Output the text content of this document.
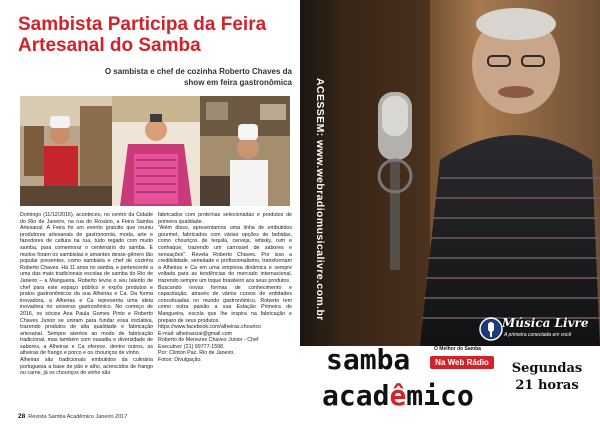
Sambista Participa da Feira Artesanal do Samba
O sambista e chef de cozinha Roberto Chaves da show em feira gastronômica

Domingo (11/12/2016), aconteceu, no centro da Cidade do Rio de Janeiro, na rua do Rosário, a Feira Samba Artesanal. A Feira foi um evento gratuito que reuniu produtores artesanais de gastronomia, moda, arte e fazedores de cultura na rua, tudo regado com muito samba, para comemorar o centenário do samba. E muitos foram os sambistas e amantes desse gênero tão popular presentes, como sambista e chef de cozinha Roberto Chaves. Há 11 anos no samba, e pertencente a uma das mais tradicionais escolas de samba do Rio de Janeiro – a Mangueira, Roberto levou o seu talento de chef para este espaço público e expôs produtos e pratos gastronômicos da sua Alheiras e Ca. Da forma inovadora, a Alheiras e Ca representa uma ideia inovadora no universo gastronômico. No começo de 2016, os sócios Ana Paula Gomes Pinto e Roberto Chaves Junior se uniram para fundar essa iniciativa, trazendo produtos de alta qualidade e fabricação artesanal. Sempre atentos ao modo de fabricação tradicional, mas também com ousadia e diversidade de sabores, a Alheiras e Ca oferece, dentre outros, as alheiras de frango e porco e os chouriços de vinho.

Alheiras são tradicionais embutidos da culinária portuguesa a base de pão e alho, acrescidos de frango ou carne, já os chouriços de vinho são

fabricados com proteínas selecionadas e produtos de primeira qualidade.

"Além disso, apresentamos uma linha de embutidos gourmet, fabricados com várias opções de bebidas, como chouriços de tequila, cerveja, whisky, rum e conhaque, trazendo um carrossel de sabores e sensações". Revela Roberto Chaves. Por isso a credibilidade, seriedade e profissionalismo, transformam a Alheiras e Ca em uma empresa dinâmica e sempre voltada para as tendências do mercado internacional, trazendo sempre um toque brasileiro aos seus produtos.

Buscando novas formas de conhecimento e capacitação, através de vários cursos de entidades conceituadas no mundo gastronômico, Roberto tem como outra paixão a sua Estação Primeira de Mangueira, escola que lhe inspira na fabricação e preparo de seus produtos.

https://www.facebook.com/alheiras.chourico

E-mail: alheirasciai@gmail.com

Roberto de Menezes Chaves Junior - Chef

Executivo: (21) 99777-1598.

Por: Clinton Paz. Rio de Janeiro.

Fotos: Divulgação.

28 Revista Samba Acadêmico Janeiro 2017
ACESSEM: www.webradiomusicalivre.com.br
Música Livre
A primeira conectada em você
samba	O Melhor do Samba
Na Web Rádio
acadêmico
Segundas
21 horas
